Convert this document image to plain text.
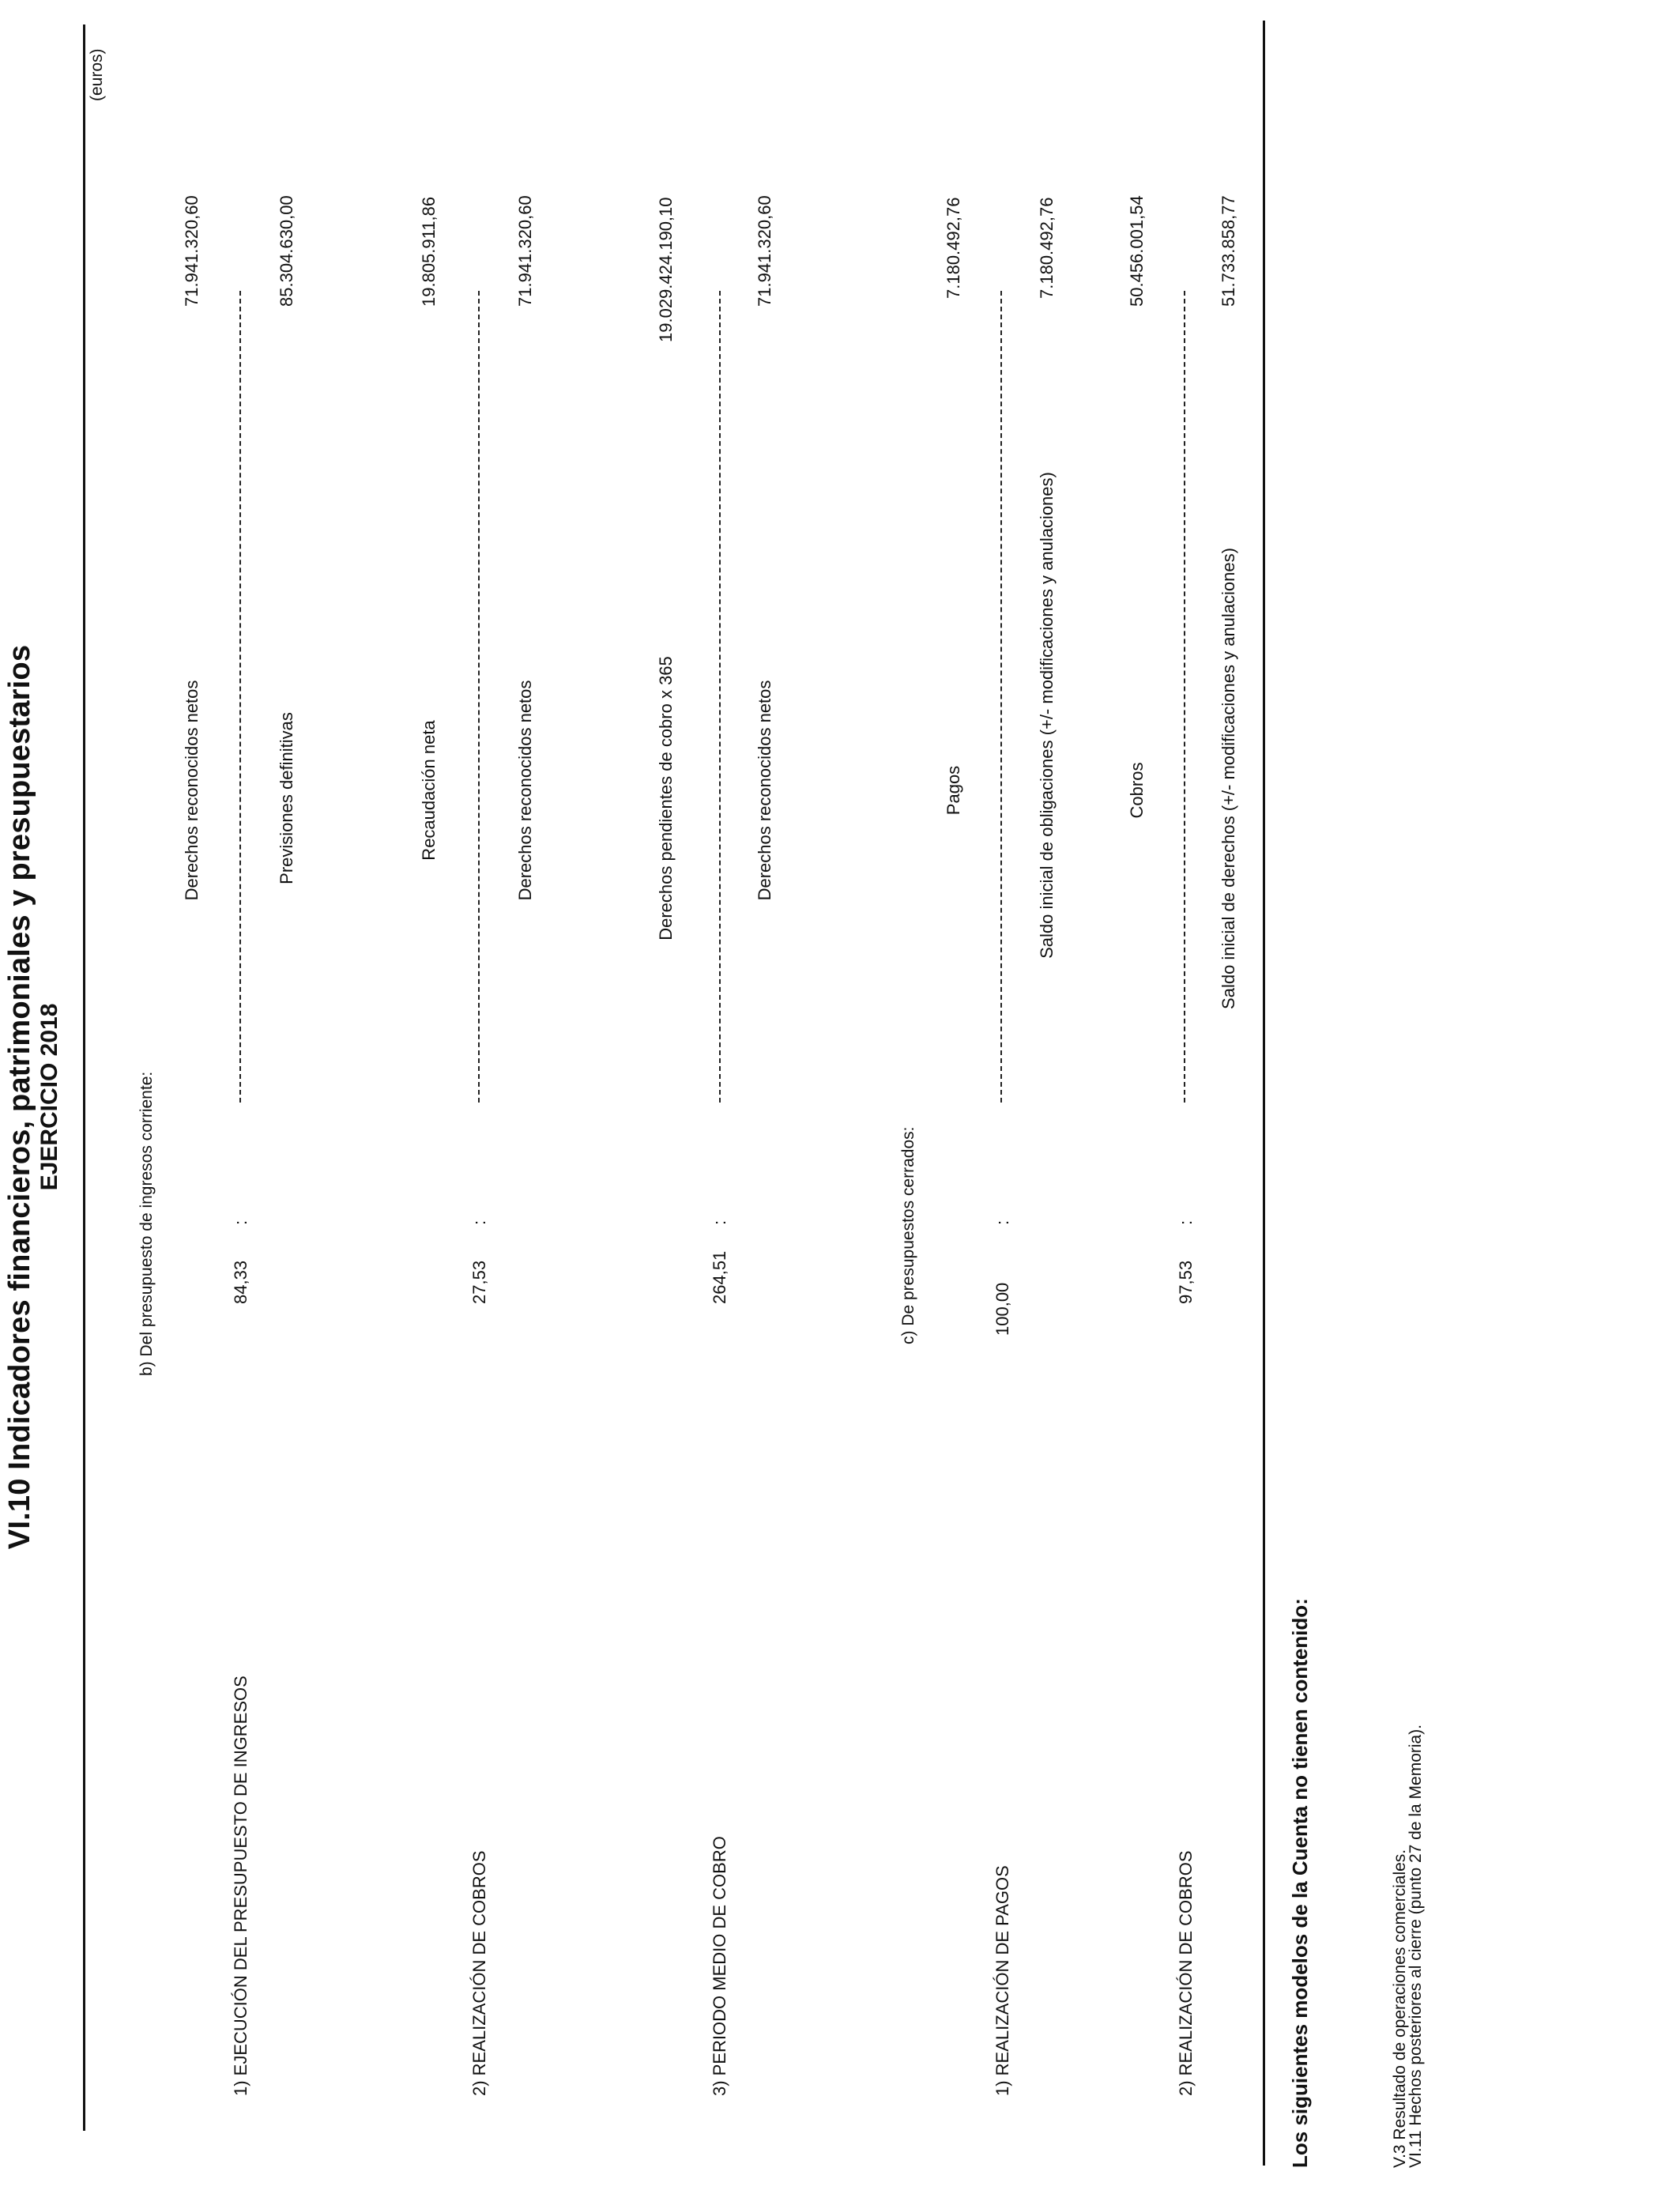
VI.10 Indicadores financieros, patrimoniales y presupuestarios EJERCICIO 2018
(euros)
b) Del presupuesto de ingresos corriente:
1) EJECUCIÓN DEL PRESUPUESTO DE INGRESOS
84,33
:
Derechos reconocidos netos	Previsiones definitivas
71.941.320,60	85.304.630,00
2) REALIZACIÓN DE COBROS
27,53
:
Recaudación neta	Derechos reconocidos netos
19.805.911,86	71.941.320,60
3) PERIODO MEDIO DE COBRO
264,51
:
Derechos pendientes de cobro x 365	Derechos reconocidos netos
19.029.424.190,10	71.941.320,60
c) De presupuestos cerrados:
1) REALIZACIÓN DE PAGOS
100,00
:
Pagos	Saldo inicial de obligaciones (+/- modificaciones y anulaciones)
7.180.492,76	7.180.492,76
2) REALIZACIÓN DE COBROS
97,53
:
Cobros	Saldo inicial de derechos (+/- modificaciones y anulaciones)
50.456.001,54	51.733.858,77
Los siguientes modelos de la Cuenta no tienen contenido:	V.3 Resultado de operaciones comerciales.
VI.11 Hechos posteriores al cierre (punto 27 de la Memoria).
